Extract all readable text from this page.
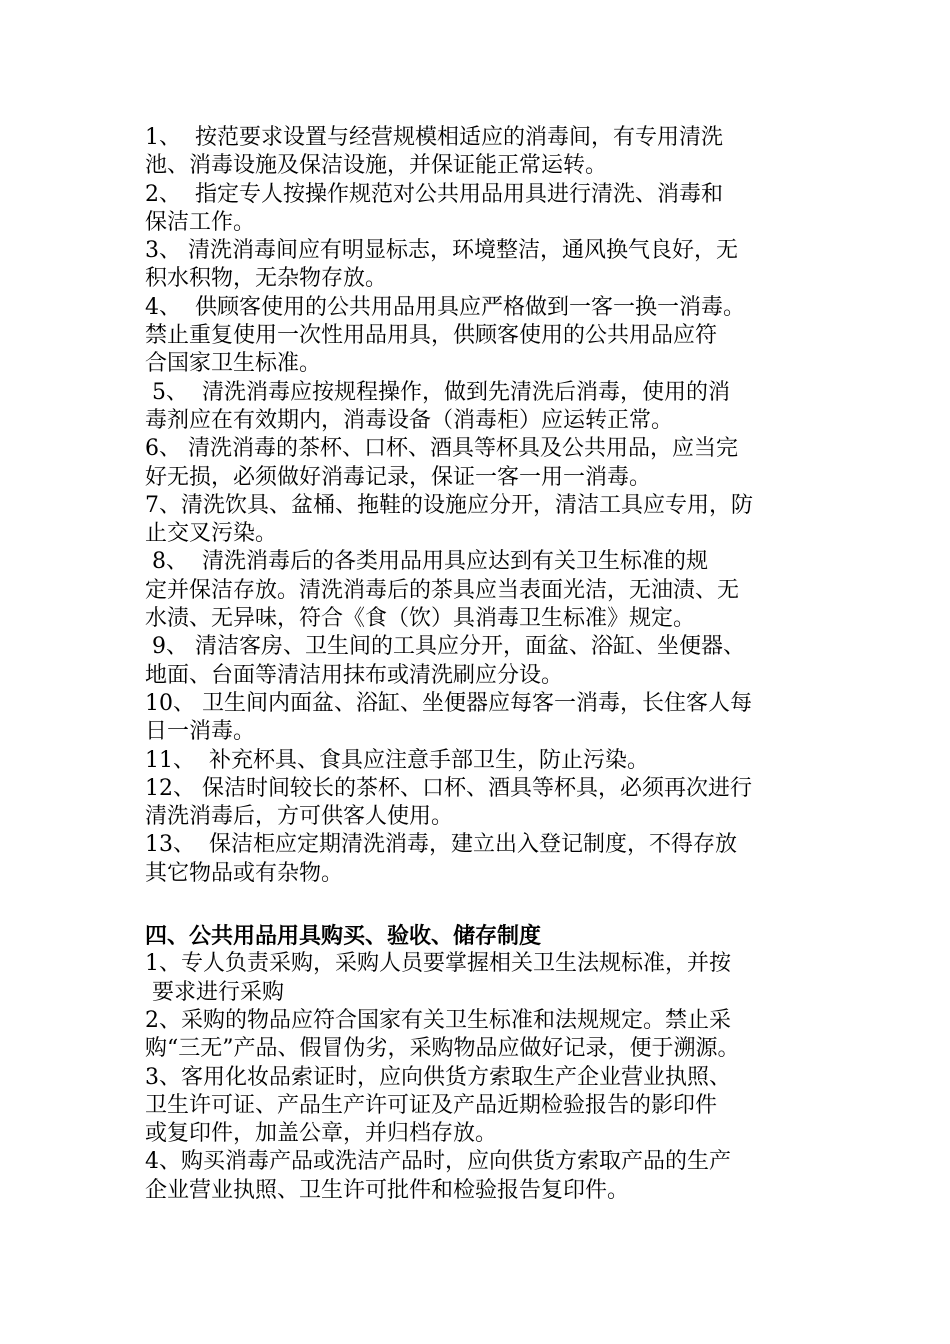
1、  按范要求设置与经营规模相适应的消毒间，有专用清洗
池、消毒设施及保洁设施，并保证能正常运转。
2、  指定专人按操作规范对公共用品用具进行清洗、消毒和
保洁工作。
3、 清洗消毒间应有明显标志，环境整洁，通风换气良好，无
积水积物，无杂物存放。
4、  供顾客使用的公共用品用具应严格做到一客一换一消毒。
禁止重复使用一次性用品用具，供顾客使用的公共用品应符
合国家卫生标准。
5、  清洗消毒应按规程操作，做到先清洗后消毒，使用的消
毒剂应在有效期内，消毒设备（消毒柜）应运转正常。
6、 清洗消毒的茶杯、口杯、酒具等杯具及公共用品，应当完
好无损，必须做好消毒记录，保证一客一用一消毒。
7、清洗饮具、盆桶、拖鞋的设施应分开，清洁工具应专用，防
止交叉污染。
8、  清洗消毒后的各类用品用具应达到有关卫生标准的规
定并保洁存放。清洗消毒后的茶具应当表面光洁，无油渍、无
水渍、无异味，符合《食（饮）具消毒卫生标准》规定。
9、 清洁客房、卫生间的工具应分开，面盆、浴缸、坐便器、
地面、台面等清洁用抹布或清洗刷应分设。
10、 卫生间内面盆、浴缸、坐便器应每客一消毒，长住客人每
日一消毒。
11、  补充杯具、食具应注意手部卫生，防止污染。
12、 保洁时间较长的茶杯、口杯、酒具等杯具，必须再次进行
清洗消毒后，方可供客人使用。
13、  保洁柜应定期清洗消毒，建立出入登记制度，不得存放
其它物品或有杂物。
四、公共用品用具购买、验收、储存制度
1、专人负责采购，采购人员要掌握相关卫生法规标准，并按
要求进行采购
2、采购的物品应符合国家有关卫生标准和法规规定。禁止采
购“三无”产品、假冒伪劣，采购物品应做好记录，便于溯源。
3、客用化妆品索证时，应向供货方索取生产企业营业执照、
卫生许可证、产品生产许可证及产品近期检验报告的影印件
或复印件，加盖公章，并归档存放。
4、购买消毒产品或洗洁产品时，应向供货方索取产品的生产
企业营业执照、卫生许可批件和检验报告复印件。
